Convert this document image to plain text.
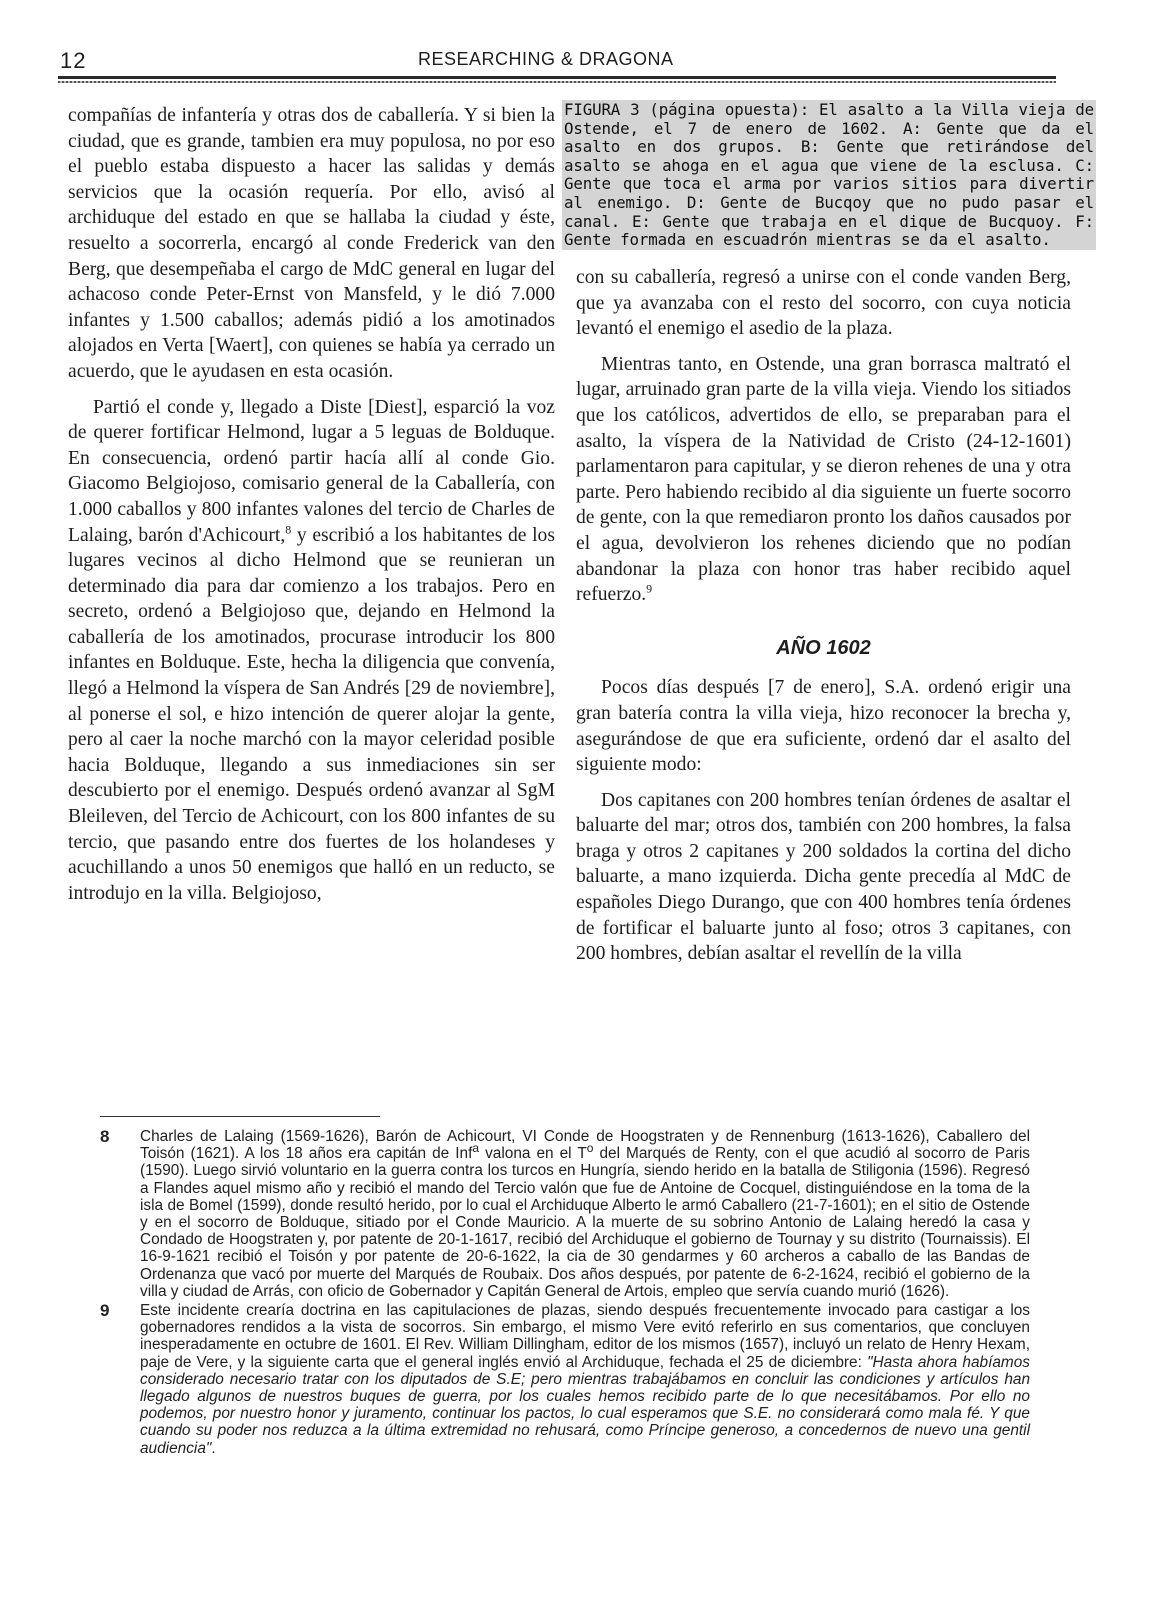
12	RESEARCHING & DRAGONA
FIGURA 3 (página opuesta): El asalto a la Villa vieja de Ostende, el 7 de enero de 1602. A: Gente que da el asalto en dos grupos. B: Gente que retirándose del asalto se ahoga en el agua que viene de la esclusa. C: Gente que toca el arma por varios sitios para divertir al enemigo. D: Gente de Bucqoy que no pudo pasar el canal. E: Gente que trabaja en el dique de Bucquoy. F: Gente formada en escuadrón mientras se da el asalto.

compañías de infantería y otras dos de caballería. Y si bien la ciudad, que es grande, tambien era muy populosa, no por eso el pueblo estaba dispuesto a hacer las salidas y demás servicios que la ocasión requería. Por ello, avisó al archiduque del estado en que se hallaba la ciudad y éste, resuelto a socorrerla, encargó al conde Frederick van den Berg, que desempeñaba el cargo de MdC general en lugar del achacoso conde Peter-Ernst von Mansfeld, y le dió 7.000 infantes y 1.500 caballos; además pidió a los amotinados alojados en Verta [Waert], con quienes se había ya cerrado un acuerdo, que le ayudasen en esta ocasión.

Partió el conde y, llegado a Diste [Diest], esparció la voz de querer fortificar Helmond, lugar a 5 leguas de Bolduque. En consecuencia, ordenó partir hacía allí al conde Gio. Giacomo Belgiojoso, comisario general de la Caballería, con 1.000 caballos y 800 infantes valones del tercio de Charles de Lalaing, barón d'Achicourt,$^8$ y escribió a los habitantes de los lugares vecinos al dicho Helmond que se reunieran un determinado dia para dar comienzo a los trabajos. Pero en secreto, ordenó a Belgiojoso que, dejando en Helmond la caballería de los amotinados, procurase introducir los 800 infantes en Bolduque. Este, hecha la diligencia que convenía, llegó a Helmond la víspera de San Andrés [29 de noviembre], al ponerse el sol, e hizo intención de querer alojar la gente, pero al caer la noche marchó con la mayor celeridad posible hacia Bolduque, llegando a sus inmediaciones sin ser descubierto por el enemigo. Después ordenó avanzar al SgM Bleileven, del Tercio de Achicourt, con los 800 infantes de su tercio, que pasando entre dos fuertes de los holandeses y acuchillando a unos 50 enemigos que halló en un reducto, se introdujo en la villa. Belgiojoso,

con su caballería, regresó a unirse con el conde vanden Berg, que ya avanzaba con el resto del socorro, con cuya noticia levantó el enemigo el asedio de la plaza.

Mientras tanto, en Ostende, una gran borrasca maltrató el lugar, arruinado gran parte de la villa vieja. Viendo los sitiados que los católicos, advertidos de ello, se preparaban para el asalto, la víspera de la Natividad de Cristo (24-12-1601) parlamentaron para capitular, y se dieron rehenes de una y otra parte. Pero habiendo recibido al dia siguiente un fuerte socorro de gente, con la que remediaron pronto los daños causados por el agua, devolvieron los rehenes diciendo que no podían abandonar la plaza con honor tras haber recibido aquel refuerzo.$^9$

AÑO 1602

Pocos días después [7 de enero], S.A. ordenó erigir una gran batería contra la villa vieja, hizo reconocer la brecha y, asegurándose de que era suficiente, ordenó dar el asalto del siguiente modo:

Dos capitanes con 200 hombres tenían órdenes de asaltar el baluarte del mar; otros dos, también con 200 hombres, la falsa braga y otros 2 capitanes y 200 soldados la cortina del dicho baluarte, a mano izquierda. Dicha gente precedía al MdC de españoles Diego Durango, que con 400 hombres tenía órdenes de fortificar el baluarte junto al foso; otros 3 capitanes, con 200 hombres, debían asaltar el revellín de la villa

8 Charles de Lalaing (1569-1626), Barón de Achicourt, VI Conde de Hoogstraten y de Rennenburg (1613-1626), Caballero del Toisón (1621). A los 18 años era capitán de Inf$^a$ valona en el $T^o$ del Marqués de Renty, con el que acudió al socorro de Paris (1590). Luego sirvió voluntario en la guerra contra los turcos en Hungría, siendo herido en la batalla de Stiligonia (1596). Regresó a Flandes aquel mismo año y recibió el mando del Tercio valón que fue de Antoine de Cocquel, distinguiéndose en la toma de la isla de Bomel (1599), donde resultó herido, por lo cual el Archiduque Alberto le armó Caballero (21-7-1601); en el sitio de Ostende y en el socorro de Bolduque, sitiado por el Conde Mauricio. A la muerte de su sobrino Antonio de Lalaing heredó la casa y Condado de Hoogstraten y, por patente de 20-1-1617, recibió del Archiduque el gobierno de Tournay y su distrito (Tournaissis). El 16-9-1621 recibió el Toisón y por patente de 20-6-1622, la cia de 30 gendarmes y 60 archeros a caballo de las Bandas de Ordenanza que vacó por muerte del Marqués de Roubaix. Dos años después, por patente de 6-2-1624, recibió el gobierno de la villa y ciudad de Arrás, con oficio de Gobernador y Capitán General de Artois, empleo que servía cuando murió (1626).
9 Este incidente crearía doctrina en las capitulaciones de plazas, siendo después frecuentemente invocado para castigar a los gobernadores rendidos a la vista de socorros. Sin embargo, el mismo Vere evitó referirlo en sus comentarios, que concluyen inesperadamente en octubre de 1601. El Rev. William Dillingham, editor de los mismos (1657), incluyó un relato de Henry Hexam, paje de Vere, y la siguiente carta que el general inglés envió al Archiduque, fechada el 25 de diciembre: "Hasta ahora habíamos considerado necesario tratar con los diputados de S.E; pero mientras trabajábamos en concluir las condiciones y artículos han llegado algunos de nuestros buques de guerra, por los cuales hemos recibido parte de lo que necesitábamos. Por ello no podemos, por nuestro honor y juramento, continuar los pactos, lo cual esperamos que S.E. no considerará como mala fé. Y que cuando su poder nos reduzca a la última extremidad no rehusará, como Príncipe generoso, a concedernos de nuevo una gentil audiencia".
